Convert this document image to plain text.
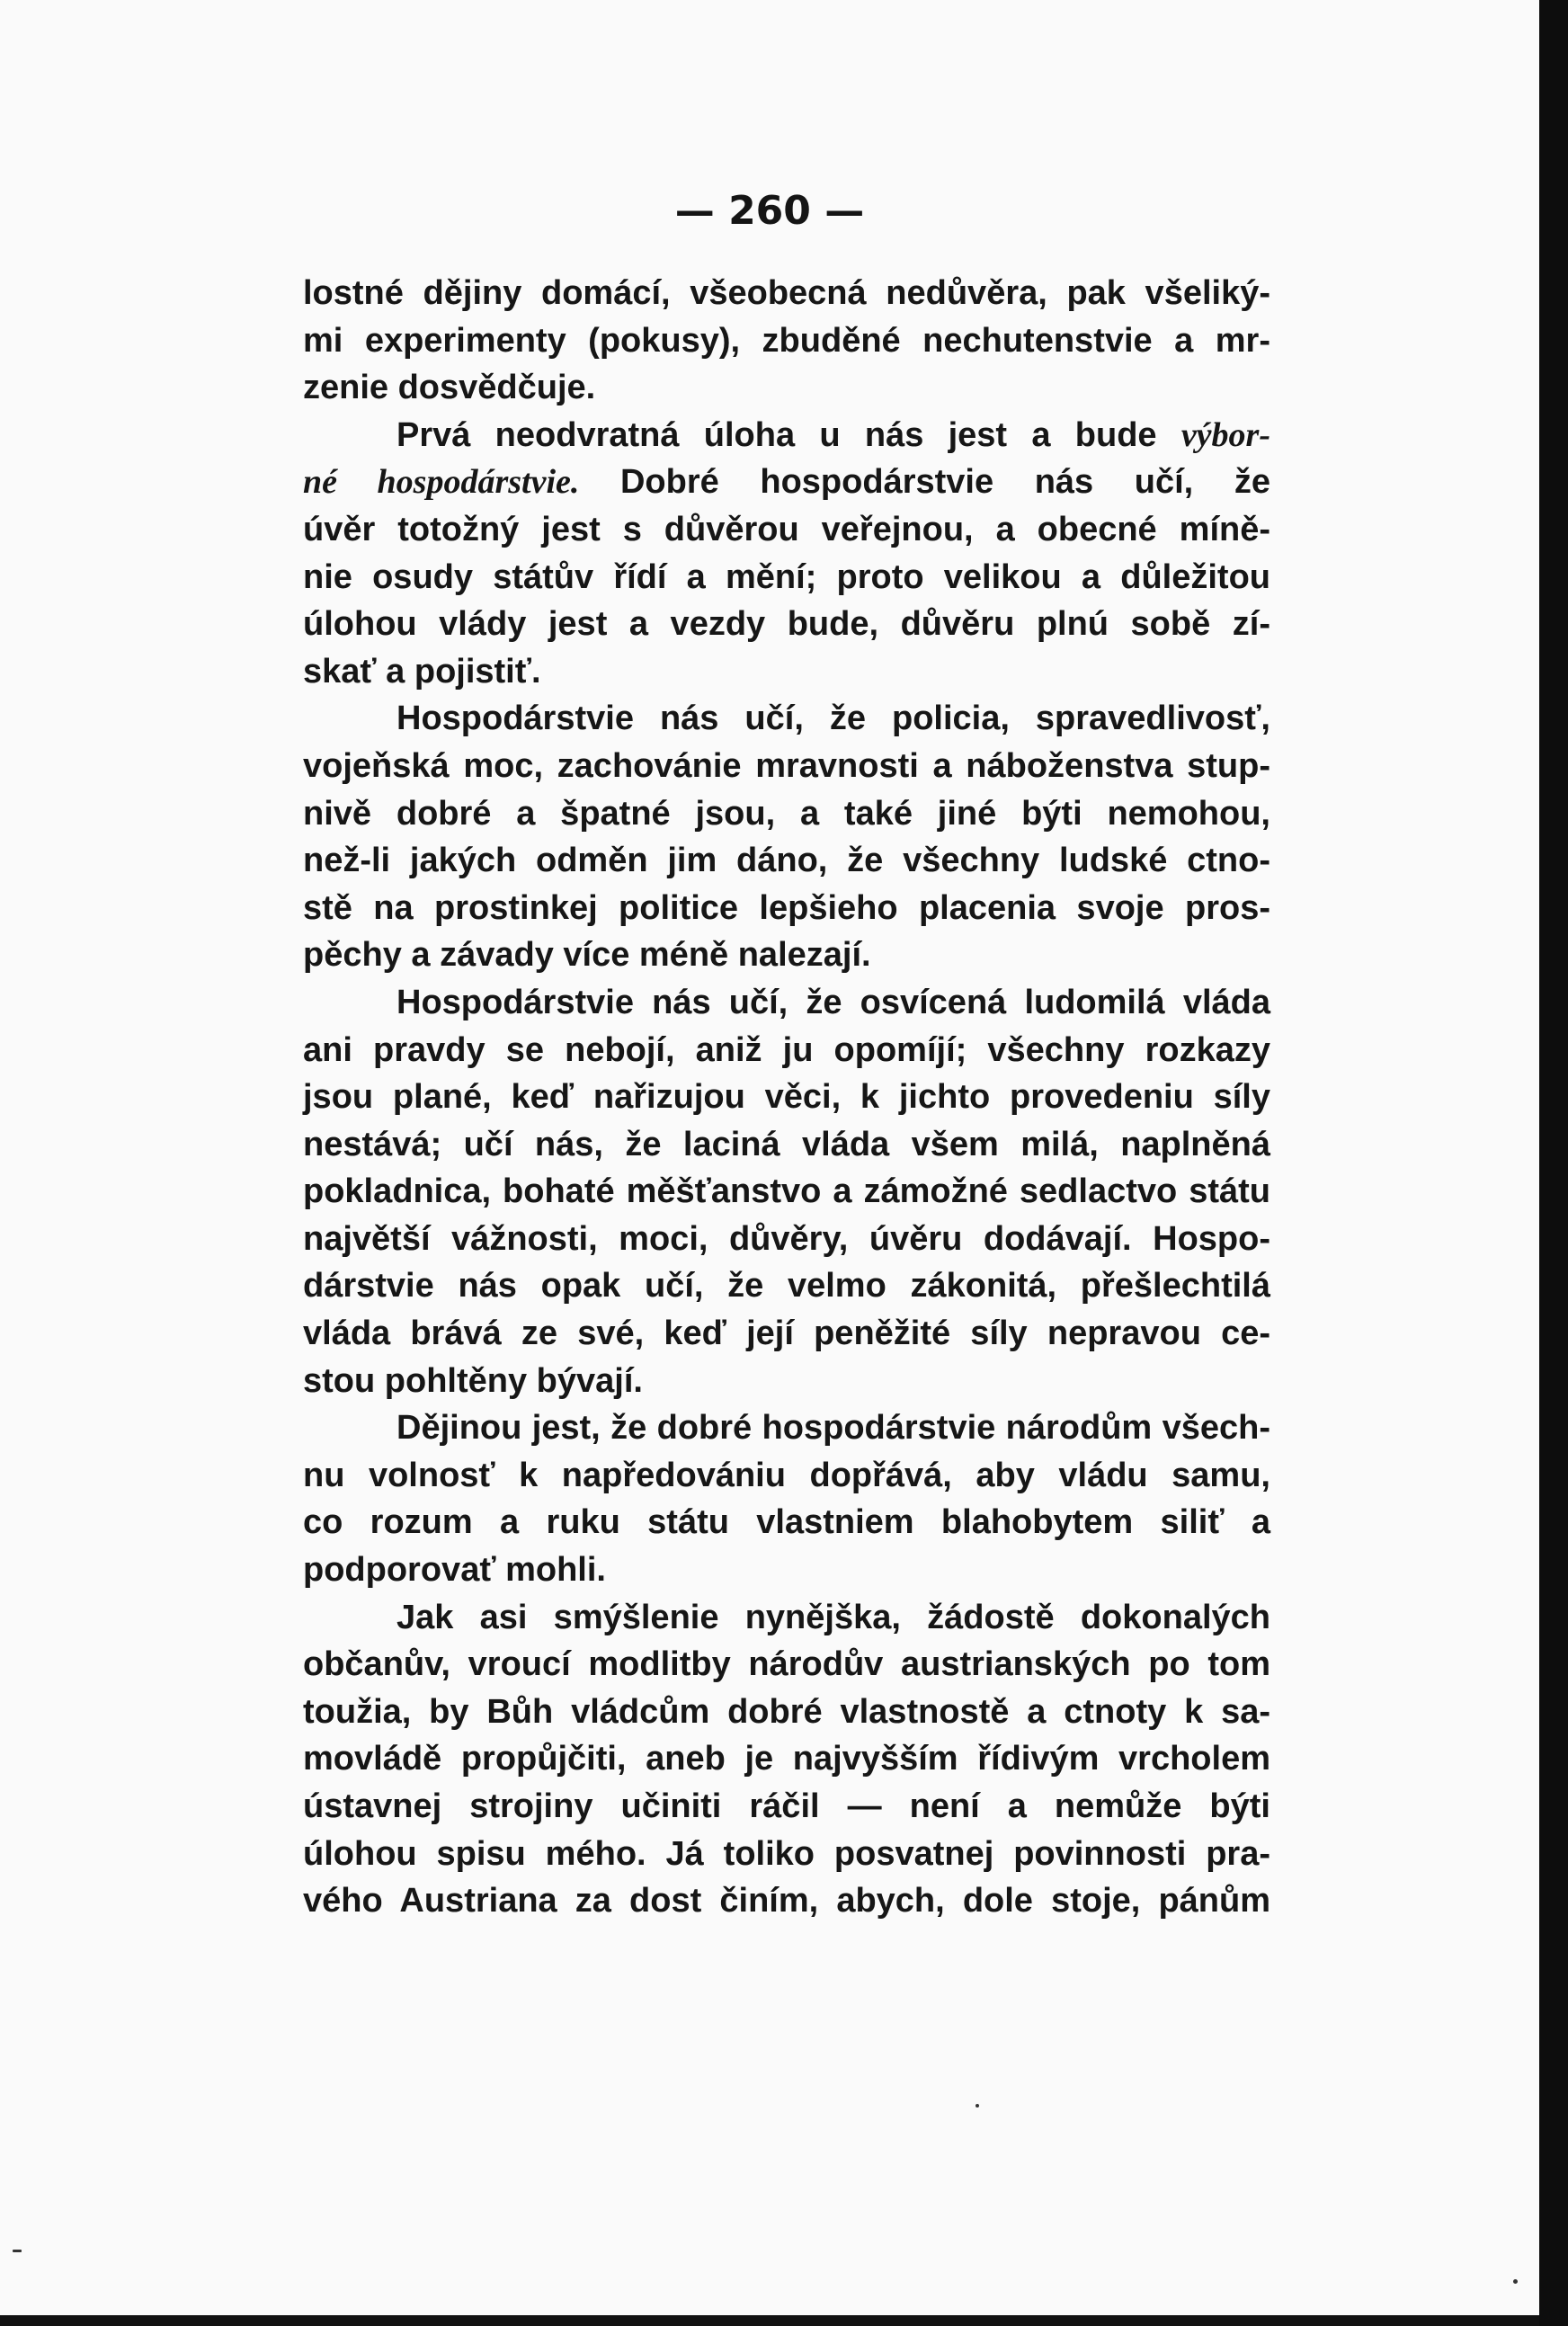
— 260 —
lostné dějiny domácí, všeobecná nedůvěra, pak všeliký-
mi experimenty (pokusy), zbuděné nechutenstvie a mr-
zenie dosvědčuje.
Prvá neodvratná úloha u nás jest a bude výbor-
né hospodárstvie. Dobré hospodárstvie nás učí, že
úvěr totožný jest s důvěrou veřejnou, a obecné míně-
nie osudy státův řídí a mění; proto velikou a důležitou
úlohou vlády jest a vezdy bude, důvěru plnú sobě zí-
skať a pojistiť.
Hospodárstvie nás učí, že policia, spravedlivosť,
vojeňská moc, zachovánie mravnosti a náboženstva stup-
nivě dobré a špatné jsou, a také jiné býti nemohou,
než-li jakých odměn jim dáno, že všechny ludské ctno-
stě na prostinkej politice lepšieho placenia svoje pros-
pěchy a závady více méně nalezají.
Hospodárstvie nás učí, že osvícená ludomilá vláda
ani pravdy se nebojí, aniž ju opomíjí; všechny rozkazy
jsou plané, keď nařizujou věci, k jichto provedeniu síly
nestává; učí nás, že laciná vláda všem milá, naplněná
pokladnica, bohaté měšťanstvo a zámožné sedlactvo státu
najvětší vážnosti, moci, důvěry, úvěru dodávají. Hospo-
dárstvie nás opak učí, že velmo zákonitá, přešlechtilá
vláda brává ze své, keď její peněžité síly nepravou ce-
stou pohltěny bývají.
Dějinou jest, že dobré hospodárstvie národům všech-
nu volnosť k napředovániu dopřává, aby vládu samu,
co rozum a ruku státu vlastniem blahobytem siliť a
podporovať mohli.
Jak asi smýšlenie nynějška, žádostě dokonalých
občanův, vroucí modlitby národův austrianských po tom
toužia, by Bůh vládcům dobré vlastnostě a ctnoty k sa-
movládě propůjčiti, aneb je najvyšším řídivým vrcholem
ústavnej strojiny učiniti ráčil — není a nemůže býti
úlohou spisu mého. Já toliko posvatnej povinnosti pra-
vého Austriana za dost činím, abych, dole stoje, pánům
